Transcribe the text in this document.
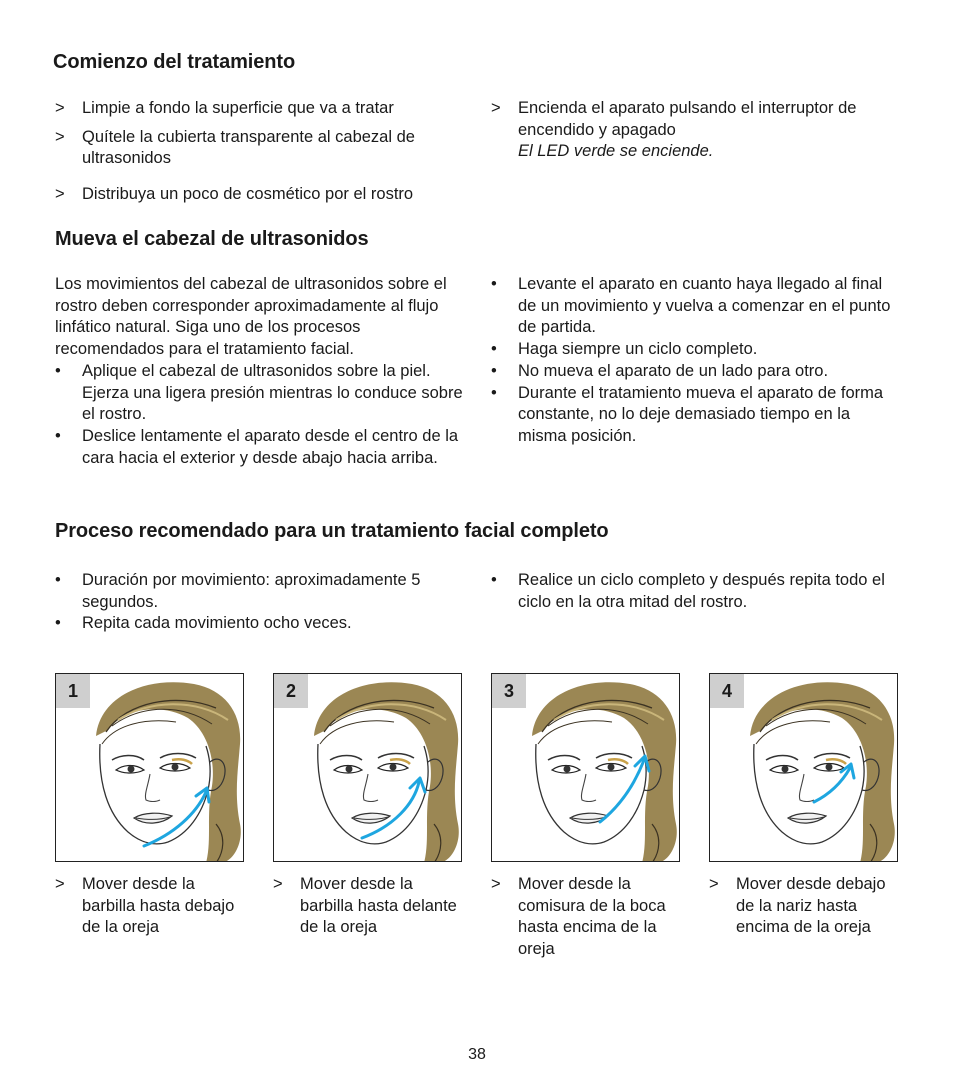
Comienzo del tratamiento
> Limpie a fondo la superficie que va a tratar
> Quítele la cubierta transparente al cabezal de ultrasonidos
> Distribuya un poco de cosmético por el rostro
> Encienda el aparato pulsando el interruptor de encendido y apagado
El LED verde se enciende.
Mueva el cabezal de ultrasonidos

Los movimientos del cabezal de ultrasonidos sobre el rostro deben corresponder aproximadamente al flujo linfático natural. Siga uno de los procesos recomendados para el tratamiento facial.

• Aplique el cabezal de ultrasonidos sobre la piel. Ejerza una ligera presión mientras lo conduce sobre el rostro.
• Deslice lentamente el aparato desde el centro de la cara hacia el exterior y desde abajo hacia arriba.
• Levante el aparato en cuanto haya llegado al final de un movimiento y vuelva a comenzar en el punto de partida.
• Haga siempre un ciclo completo.
• No mueva el aparato de un lado para otro.
• Durante el tratamiento mueva el aparato de forma constante, no lo deje demasiado tiempo en la misma posición.
Proceso recomendado para un tratamiento facial completo
• Duración por movimiento: aproximadamente 5 segundos.
• Repita cada movimiento ocho veces.
• Realice un ciclo completo y después repita todo el ciclo en la otra mitad del rostro.
1	2	3	4
> Mover desde la barbilla hasta debajo de la oreja
> Mover desde la barbilla hasta delante de la oreja
> Mover desde la comisura de la boca hasta encima de la oreja
> Mover desde debajo de la nariz hasta encima de la oreja
38
